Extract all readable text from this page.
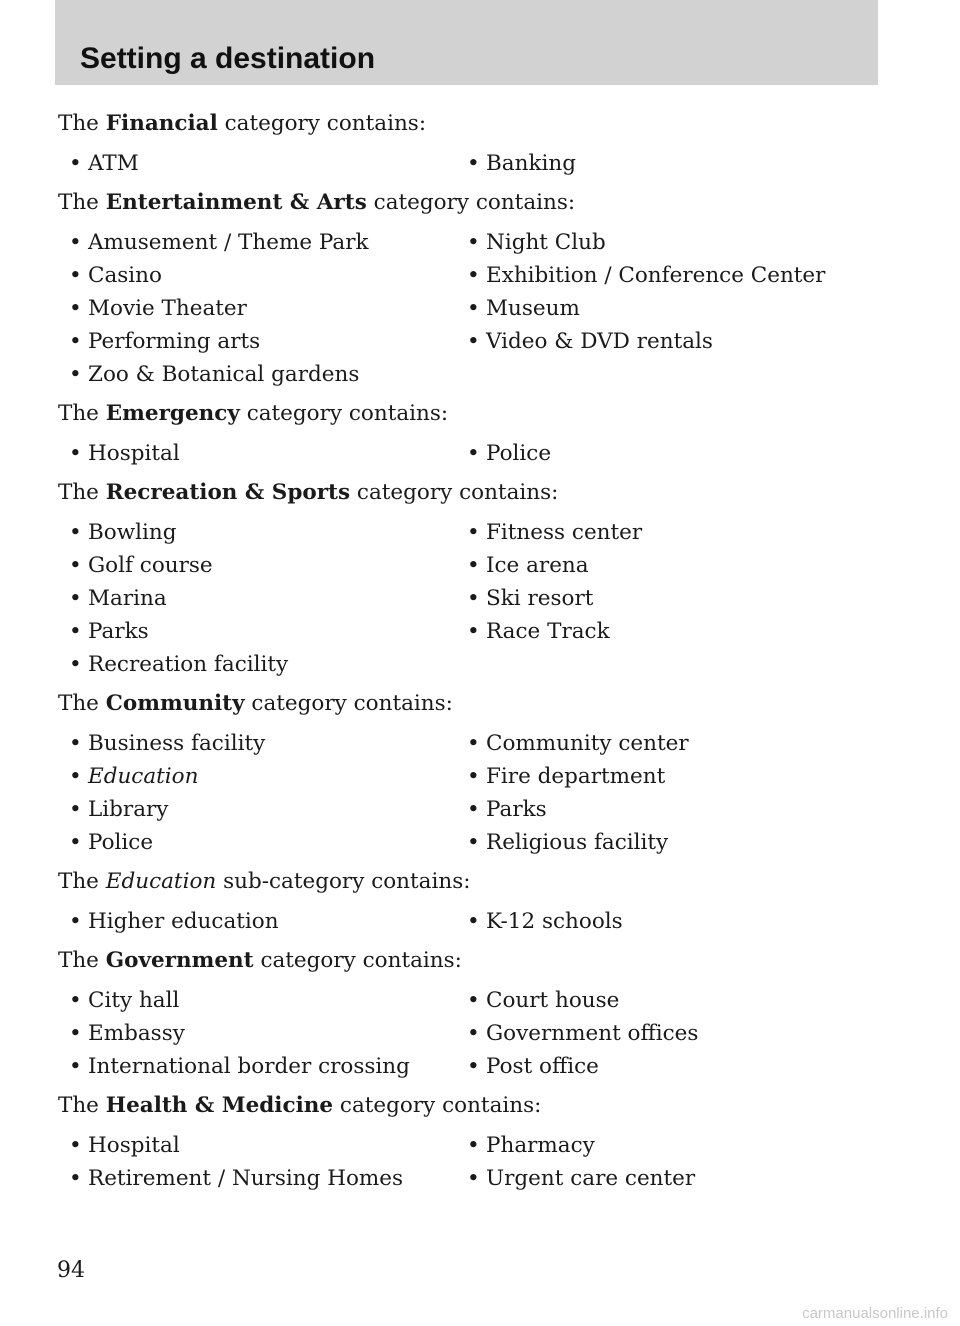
Setting a destination
The Financial category contains:
• ATM	• Banking
The Entertainment & Arts category contains:
• Amusement / Theme Park	• Night Club
• Casino	• Exhibition / Conference Center
• Movie Theater	• Museum
• Performing arts	• Video & DVD rentals
• Zoo & Botanical gardens
The Emergency category contains:
• Hospital	• Police
The Recreation & Sports category contains:
• Bowling	• Fitness center
• Golf course	• Ice arena
• Marina	• Ski resort
• Parks	• Race Track
• Recreation facility
The Community category contains:
• Business facility	• Community center
• Education	• Fire department
• Library	• Parks
• Police	• Religious facility
The Education sub-category contains:
• Higher education	• K-12 schools
The Government category contains:
• City hall	• Court house
• Embassy	• Government offices
• International border crossing	• Post office
The Health & Medicine category contains:
• Hospital	• Pharmacy
• Retirement / Nursing Homes	• Urgent care center
94
carmanualsonline.info
